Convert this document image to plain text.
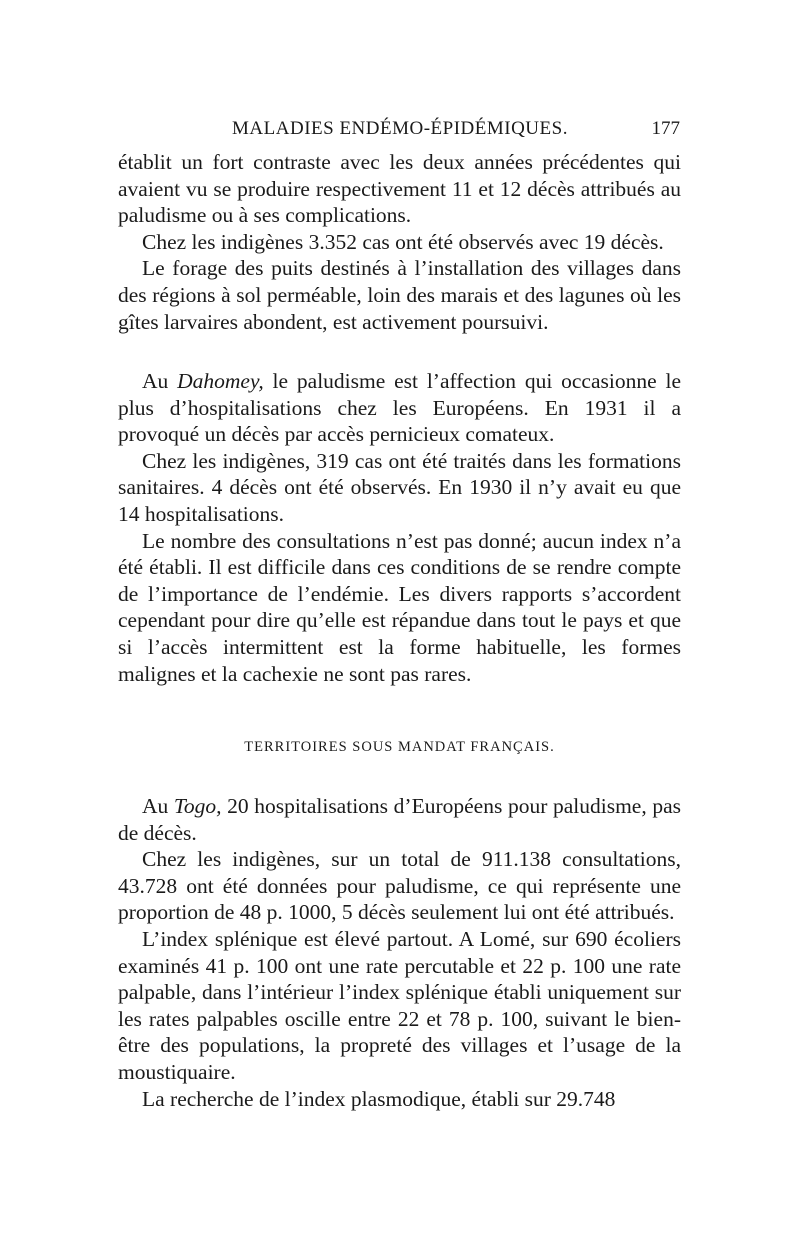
MALADIES ENDÉMO-ÉPIDÉMIQUES.	177

établit un fort contraste avec les deux années précédentes qui avaient vu se produire respectivement 11 et 12 décès attribués au paludisme ou à ses complications.

Chez les indigènes 3.352 cas ont été observés avec 19 décès.

Le forage des puits destinés à l’installation des villages dans des régions à sol perméable, loin des marais et des lagunes où les gîtes larvaires abondent, est activement poursuivi.

Au Dahomey, le paludisme est l’affection qui occasionne le plus d’hospitalisations chez les Européens. En 1931 il a provoqué un décès par accès pernicieux comateux.

Chez les indigènes, 319 cas ont été traités dans les formations sanitaires. 4 décès ont été observés. En 1930 il n’y avait eu que 14 hospitalisations.

Le nombre des consultations n’est pas donné; aucun index n’a été établi. Il est difficile dans ces conditions de se rendre compte de l’importance de l’endémie. Les divers rapports s’accordent cependant pour dire qu’elle est répandue dans tout le pays et que si l’accès intermittent est la forme habituelle, les formes malignes et la cachexie ne sont pas rares.

TERRITOIRES SOUS MANDAT FRANÇAIS.

Au Togo, 20 hospitalisations d’Européens pour paludisme, pas de décès.

Chez les indigènes, sur un total de 911.138 consultations, 43.728 ont été données pour paludisme, ce qui représente une proportion de 48 p. 1000, 5 décès seulement lui ont été attribués.

L’index splénique est élevé partout. A Lomé, sur 690 écoliers examinés 41 p. 100 ont une rate percutable et 22 p. 100 une rate palpable, dans l’intérieur l’index splénique établi uniquement sur les rates palpables oscille entre 22 et 78 p. 100, suivant le bien-être des populations, la propreté des villages et l’usage de la moustiquaire.

La recherche de l’index plasmodique, établi sur 29.748
